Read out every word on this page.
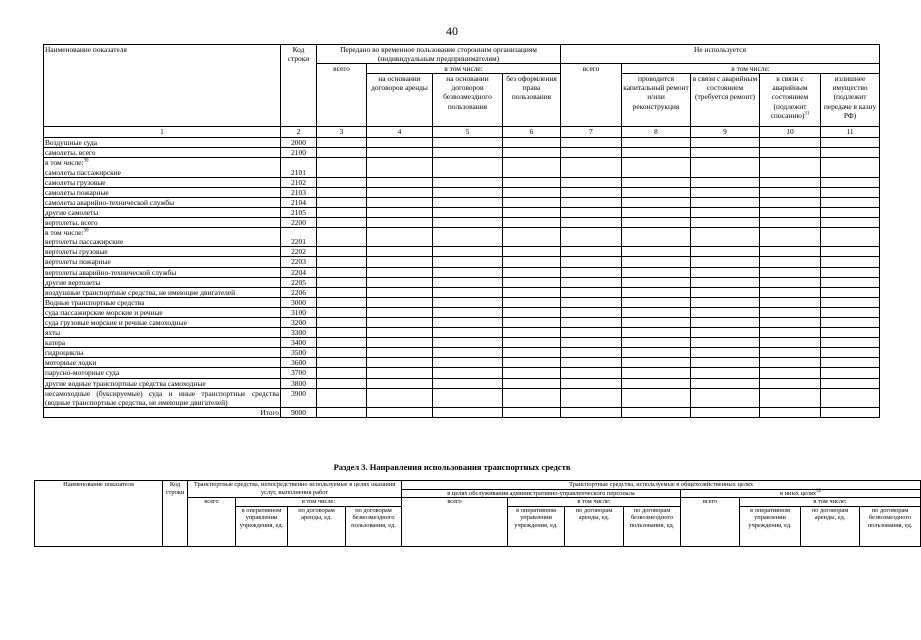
40
Наименование показателя	Код строки	Передано во временное пользование сторонним организациям (индивидуальным предпринимателям)				Не используется				
		всего	в том числе:			всего	в том числе:			
			на основании договоров аренды	на основании договоров безвозмездного пользования	без оформления права пользования		проводится капитальный ремонт и/или реконструкция	в связи с аварийным состоянием (требуется ремонт)	в связи с аварийным состоянием (подлежит списанию)$^{31}$	излишнее имущество (подлежит передаче в казну РФ)
1	2	3	4	5	6	7	8	9	10	11
Воздушные суда	2000									
самолеты, всего	2100									
в том числе:$^{30}$
самолеты пассажирские	2101									
самолеты грузовые	2102									
самолеты пожарные	2103									
самолеты аварийно-технической службы	2104									
другие самолеты	2105									
вертолеты, всего	2200									
в том числе:$^{30}$
вертолеты пассажирские	2201									
вертолеты грузовые	2202									
вертолеты пожарные	2203									
вертолеты аварийно-технической службы	2204									
другие вертолеты	2205									
воздушные транспортные средства, не имеющие двигателей	2206									
Водные транспортные средства	3000									
суда пассажирские морские и речные	3100									
суда грузовые морские и речные самоходные	3200									
яхты	3300									
катера	3400									
гидроциклы	3500									
моторные лодки	3600									
парусно-моторные суда	3700									
другие водные транспортные средства самоходные	3800									
несамоходные (буксируемые) суда и иные транспортные средства (водные транспортные средства, не имеющие двигателей)	3900									
Итого	9000									
Раздел 3. Направления использования транспортных средств
Наименование показателя	Код строки	Транспортные средства, непосредственно используемые в целях оказания услуг, выполнения работ				Транспортные средства, используемые в общехозяйственных целях							
						в целях обслуживания административно-управленческого персонала				в иных целях$^{32}$
		всего	в том числе:			всего	в том числе:			всего	в том числе:		
			в оперативном управлении учреждения, ед.	по договорам аренды, ед.	по договорам безвозмездного пользования, ед.		в оперативном управлении учреждения, ед.	по договорам аренды, ед.	по договорам безвозмездного пользования, ед.		в оперативном управлении учреждения, ед.	по договорам аренды, ед.	по договорам безвозмездного пользования, ед.
